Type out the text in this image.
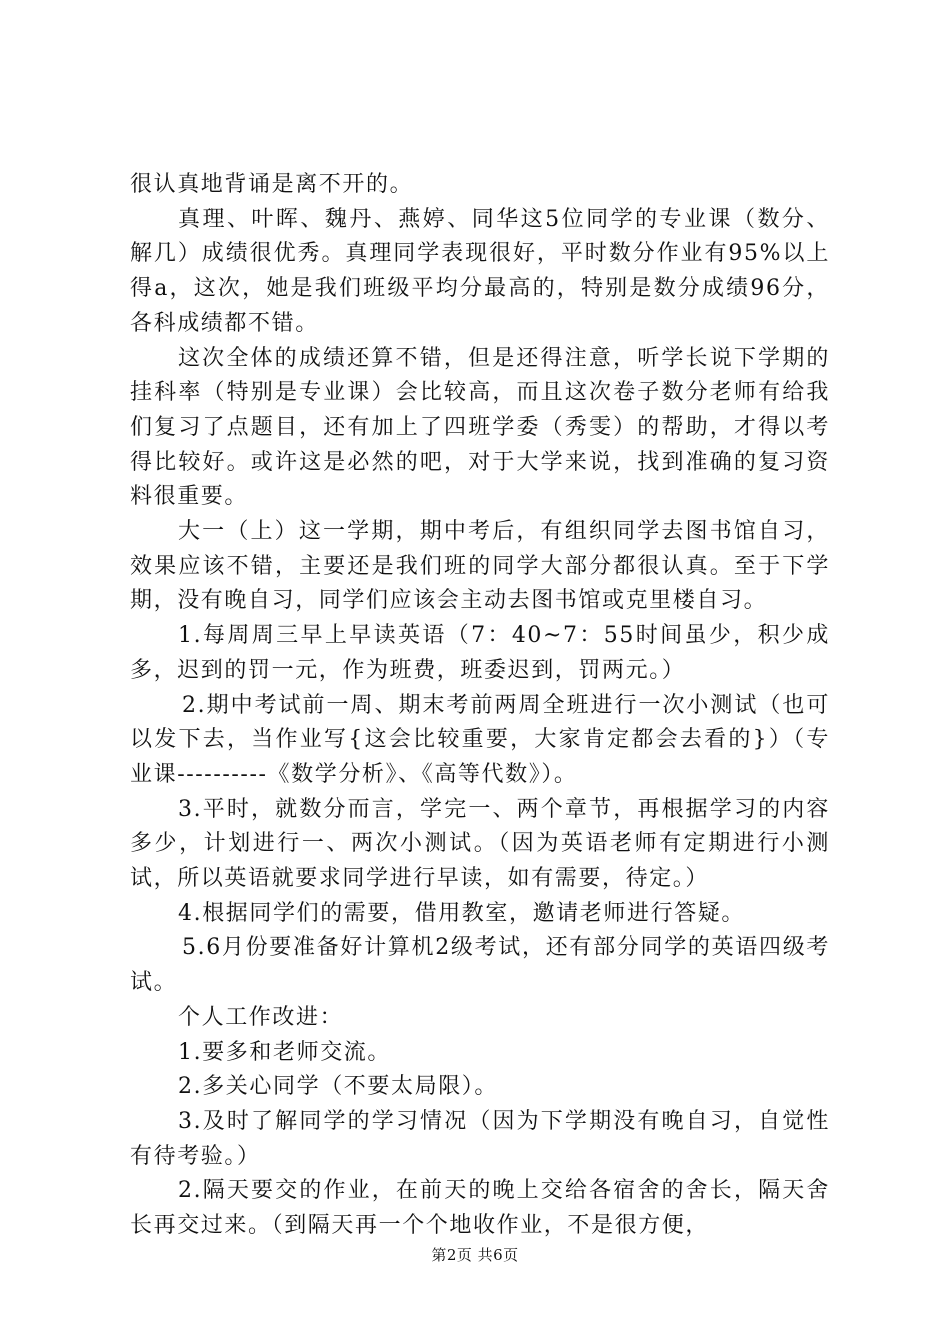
很认真地背诵是离不开的。

真理、叶晖、魏丹、燕婷、同华这5位同学的专业课（数分、解几）成绩很优秀。真理同学表现很好，平时数分作业有95%以上得a，这次，她是我们班级平均分最高的，特别是数分成绩96分，各科成绩都不错。

这次全体的成绩还算不错，但是还得注意，听学长说下学期的挂科率（特别是专业课）会比较高，而且这次卷子数分老师有给我们复习了点题目，还有加上了四班学委（秀雯）的帮助，才得以考得比较好。或许这是必然的吧，对于大学来说，找到准确的复习资料很重要。

大一（上）这一学期，期中考后，有组织同学去图书馆自习，效果应该不错，主要还是我们班的同学大部分都很认真。至于下学期，没有晚自习，同学们应该会主动去图书馆或克里楼自习。

1.每周周三早上早读英语（7：40~7：55时间虽少，积少成多，迟到的罚一元，作为班费，班委迟到，罚两元。）

2.期中考试前一周、期末考前两周全班进行一次小测试（也可以发下去，当作业写{这会比较重要，大家肯定都会去看的}）（专业课----------《数学分析》、《高等代数》）。

3.平时，就数分而言，学完一、两个章节，再根据学习的内容多少，计划进行一、两次小测试。（因为英语老师有定期进行小测试，所以英语就要求同学进行早读，如有需要，待定。）

4.根据同学们的需要，借用教室，邀请老师进行答疑。

5.6月份要准备好计算机2级考试，还有部分同学的英语四级考试。

个人工作改进：

1.要多和老师交流。

2.多关心同学（不要太局限）。

3.及时了解同学的学习情况（因为下学期没有晚自习，自觉性有待考验。）

2.隔天要交的作业，在前天的晚上交给各宿舍的舍长，隔天舍长再交过来。（到隔天再一个个地收作业，不是很方便，

第2页 共6页
